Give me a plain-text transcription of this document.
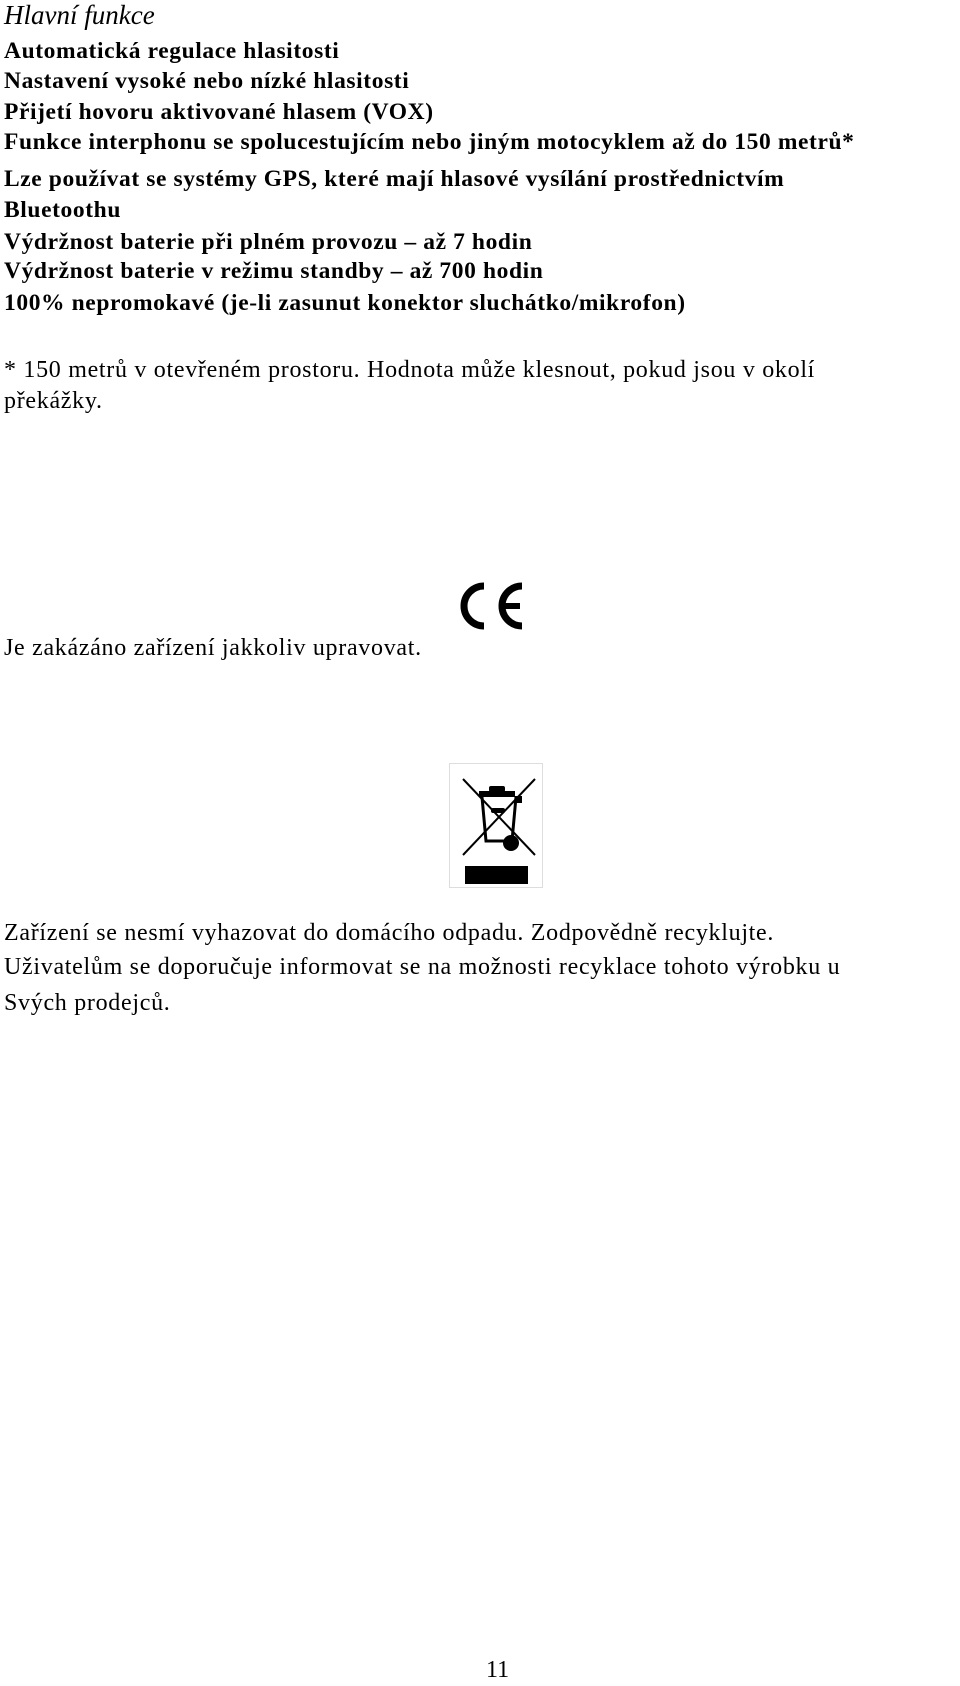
Hlavní funkce
Automatická regulace hlasitosti
Nastavení vysoké nebo nízké hlasitosti
Přijetí hovoru aktivované hlasem (VOX)
Funkce interphonu se spolucestujícím nebo jiným motocyklem až do 150 metrů*
Lze používat se systémy GPS, které mají hlasové vysílání prostřednictvím
Bluetoothu
Výdržnost baterie při plném provozu – až 7 hodin
Výdržnost baterie v režimu standby – až 700 hodin
100% nepromokavé (je-li zasunut konektor sluchátko/mikrofon)
* 150 metrů v otevřeném prostoru. Hodnota může klesnout, pokud jsou v okolí
překážky.
Je zakázáno zařízení jakkoliv upravovat.
Zařízení se nesmí vyhazovat do domácího odpadu. Zodpovědně recyklujte.
Uživatelům se doporučuje informovat se na možnosti recyklace tohoto výrobku u
Svých prodejců.
11
